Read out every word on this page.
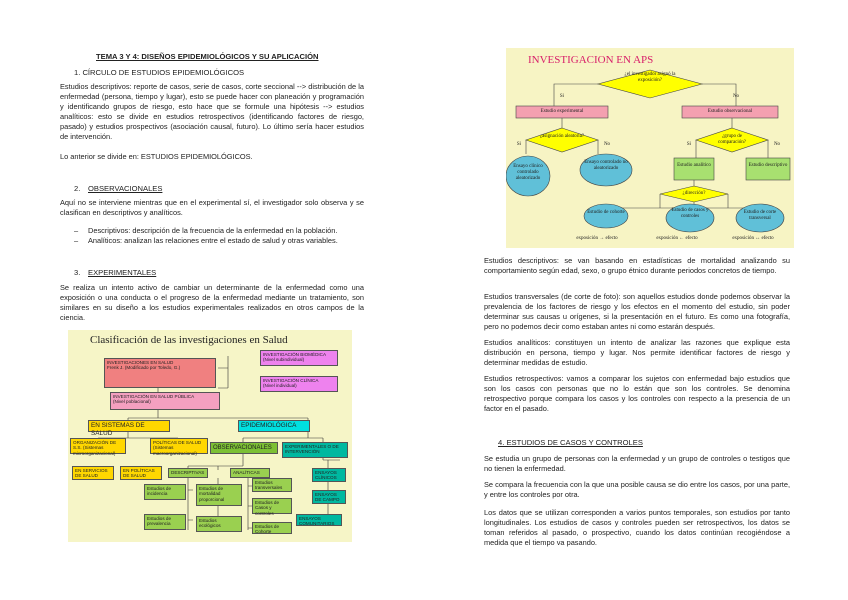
TEMA 3 Y 4: DISEÑOS EPIDEMIOLÓGICOS Y SU APLICACIÓN
1. CÍRCULO DE ESTUDIOS EPIDEMIOLÓGICOS
Estudios descriptivos: reporte de casos, serie de casos, corte seccional --> distribución de la enfermedad (persona, tiempo y lugar), esto se puede hacer con planeación y programación y identificando grupos de riesgo, esto hace que se formule una hipótesis --> estudios analíticos: esto se divide en estudios retrospectivos (identificando factores de riesgo, pasado) y estudios prospectivos (asociación causal, futuro). Lo último sería hacer estudios de intervención.
Lo anterior se divide en: ESTUDIOS EPIDEMIOLÓGICOS.
2. OBSERVACIONALES
Aquí no se interviene mientras que en el experimental sí, el investigador solo observa y se clasifican en descriptivos y analíticos.
– Descriptivos: descripción de la frecuencia de la enfermedad en la población.
– Analíticos: analizan las relaciones entre el estado de salud y otras variables.
3. EXPERIMENTALES
Se realiza un intento activo de cambiar un determinante de la enfermedad como una exposición o una conducta o el progreso de la enfermedad mediante un tratamiento, son similares en su diseño a los estudios experimentales realizados en otros campos de la ciencia.
Clasificación de las investigaciones en Salud
INVESTIGACIONES EN SALUD
Frenk J. (Modificado por Toledo, G.)
INVESTIGACIÓN BIOMÉDICA
(Nivel subindividual)
INVESTIGACIÓN CLÍNICA
(Nivel individual)
INVESTIGACIÓN EN SALUD PÚBLICA
(Nivel poblacional)
EN SISTEMAS DE SALUD
EPIDEMIOLÓGICA
ORGANIZACIÓN DE S.S. (Sistemas microorganizacional)
POLÍTICAS DE SALUD (Sistemas macroorganizacional)
OBSERVACIONALES	EXPERIMENTALES O DE INTERVENCIÓN
EN SERVICIOS DE SALUD
EN POLÍTICAS DE SALUD
DESCRIPTIVAS	ANALÍTICAS	ENSAYOS CLÍNICOS
ENSAYOS DE CAMPO
ENSAYOS COMUNITARIOS
Estudios de incidencia
Estudios de prevalencia
Estudios de mortalidad proporcional
Estudios ecológicos
Estudios transversales
Estudios de Casos y controles
Estudios de Cohorte
INVESTIGACION EN APS
¿el investigador asignó la exposición?
Si	No
Estudio experimental	Estudio observacional
¿asignación aleatoria?	¿grupo de comparación?
Si	No	Si	No
Ensayo clínico controlado aleatorizado
Ensayo controlado no aleatorizado
Estudio analítico	Estudio descriptivo
¿dirección?
Estudio de cohorte	Estudio de casos y controles
Estudio de corte transversal
exposición → efecto	exposición ← efecto	exposición ↔ efecto
Estudios descriptivos: se van basando en estadísticas de mortalidad analizando su comportamiento según edad, sexo, o grupo étnico durante periodos concretos de tiempo.
Estudios transversales (de corte de foto): son aquellos estudios donde podemos observar la prevalencia de los factores de riesgo y los efectos en el momento del estudio, sin poder determinar sus causas u orígenes, si la presentación en el futuro. Es como una fotografía, pero no podemos decir como estaban antes ni como estarán después.
Estudios analíticos: constituyen un intento de analizar las razones que explique esta distribución en persona, tiempo y lugar. Nos permite identificar factores de riesgo y determinar medidas de estudio.
Estudios retrospectivos: vamos a comparar los sujetos con enfermedad bajo estudios que son los casos con personas que no lo están que son los controles. Se denomina retrospectivo porque compara los casos y los controles con respecto a la presencia de un factor en el pasado.
4. ESTUDIOS DE CASOS Y CONTROLES
Se estudia un grupo de personas con la enfermedad y un grupo de controles o testigos que no tienen la enfermedad.
Se compara la frecuencia con la que una posible causa se dio entre los casos, por una parte, y entre los controles por otra.
Los datos que se utilizan corresponden a varios puntos temporales, son estudios por tanto longitudinales. Los estudios de casos y controles pueden ser retrospectivos, los datos se toman referidos al pasado, o prospectivo, cuando los datos continúan recogiéndose a medida que el tiempo va pasando.
